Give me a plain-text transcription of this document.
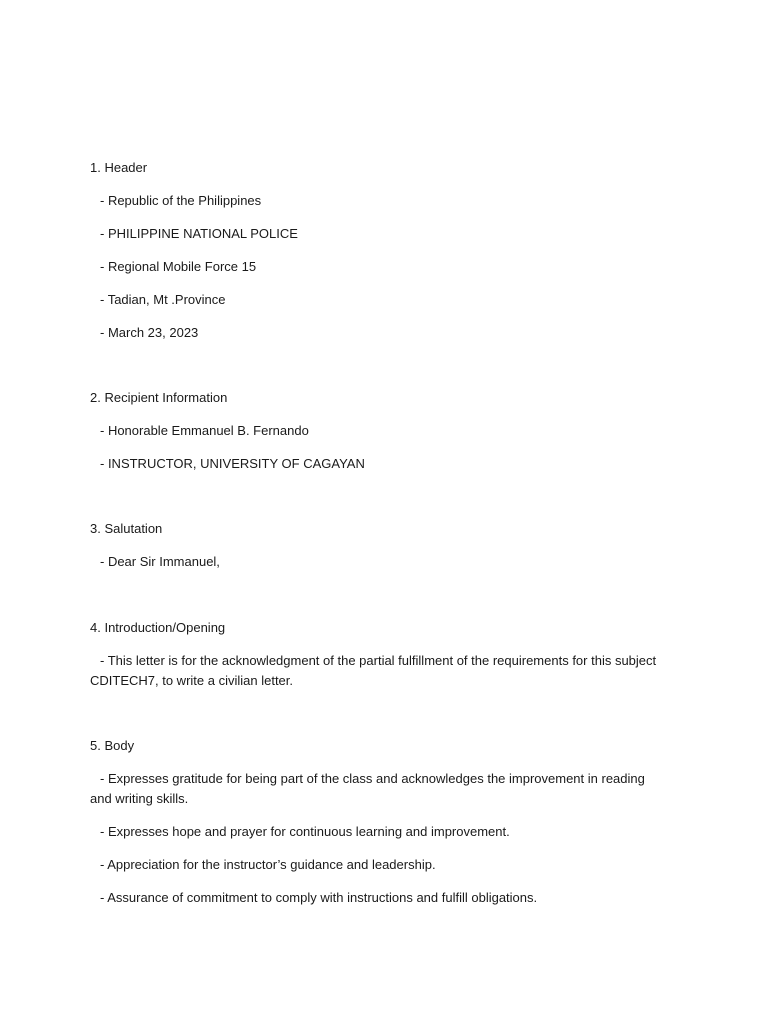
1. Header

- Republic of the Philippines

- PHILIPPINE NATIONAL POLICE

- Regional Mobile Force 15

- Tadian, Mt .Province

- March 23, 2023

2. Recipient Information

- Honorable Emmanuel B. Fernando

- INSTRUCTOR, UNIVERSITY OF CAGAYAN

3. Salutation

- Dear Sir Immanuel,

4. Introduction/Opening

- This letter is for the acknowledgment of the partial fulfillment of the requirements for this subject CDITECH7, to write a civilian letter.

5. Body

- Expresses gratitude for being part of the class and acknowledges the improvement in reading and writing skills.

- Expresses hope and prayer for continuous learning and improvement.

- Appreciation for the instructor’s guidance and leadership.

- Assurance of commitment to comply with instructions and fulfill obligations.
